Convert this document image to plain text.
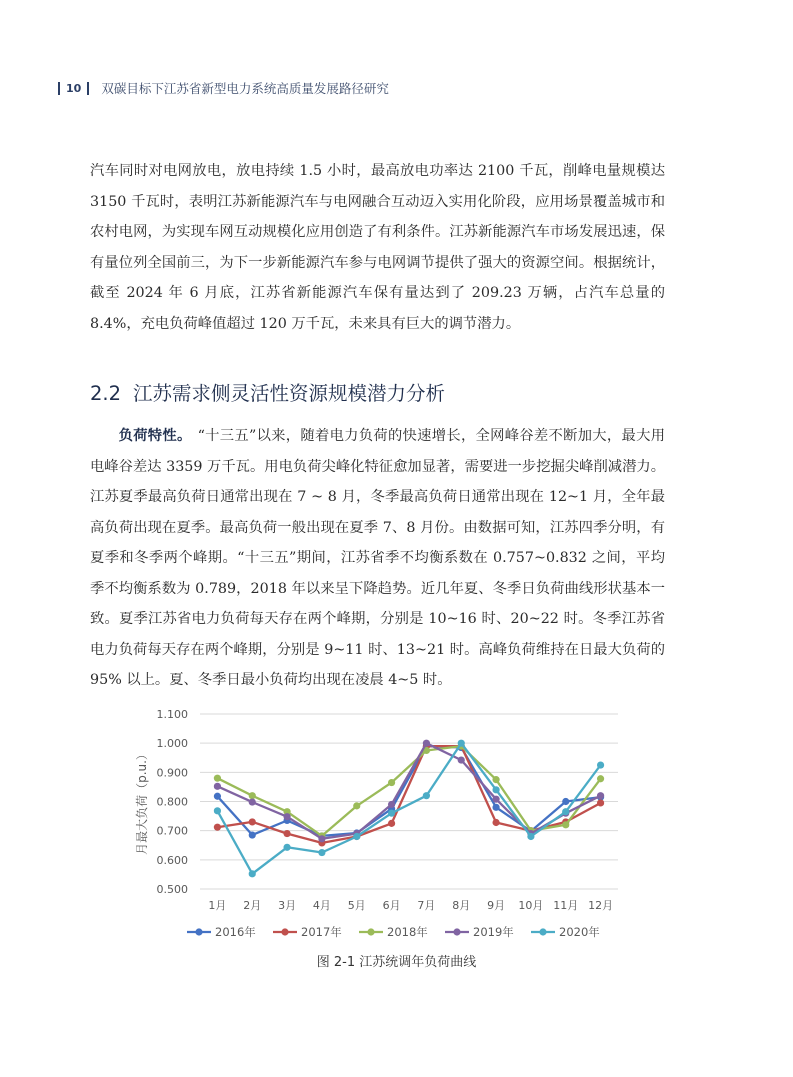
10 双碳目标下江苏省新型电力系统高质量发展路径研究

汽车同时对电网放电，放电持续 1.5 小时，最高放电功率达 2100 千瓦，削峰电量规模达 3150 千瓦时，表明江苏新能源汽车与电网融合互动迈入实用化阶段，应用场景覆盖城市和农村电网，为实现车网互动规模化应用创造了有利条件。江苏新能源汽车市场发展迅速，保有量位列全国前三，为下一步新能源汽车参与电网调节提供了强大的资源空间。根据统计，截至 2024 年 6 月底，江苏省新能源汽车保有量达到了 209.23 万辆，占汽车总量的 8.4%，充电负荷峰值超过 120 万千瓦，未来具有巨大的调节潜力。

2.2 江苏需求侧灵活性资源规模潜力分析

负荷特性。 “十三五”以来，随着电力负荷的快速增长，全网峰谷差不断加大，最大用电峰谷差达 3359 万千瓦。用电负荷尖峰化特征愈加显著，需要进一步挖掘尖峰削减潜力。江苏夏季最高负荷日通常出现在 7 ~ 8 月，冬季最高负荷日通常出现在 12~1 月，全年最高负荷出现在夏季。最高负荷一般出现在夏季 7、8 月份。由数据可知，江苏四季分明，有夏季和冬季两个峰期。“十三五”期间，江苏省季不均衡系数在 0.757~0.832 之间，平均季不均衡系数为 0.789，2018 年以来呈下降趋势。近几年夏、冬季日负荷曲线形状基本一致。夏季江苏省电力负荷每天存在两个峰期，分别是 10~16 时、20~22 时。冬季江苏省电力负荷每天存在两个峰期，分别是 9~11 时、13~21 时。高峰负荷维持在日最大负荷的 95% 以上。夏、冬季日最小负荷均出现在凌晨 4~5 时。

0.500
0.600
0.700
0.800
0.900
1.000
1.100
1月 2月 3月 4月 5月 6月 7月 8月 9月 10月 11月 12月
月最大负荷（p.u.）
2016年	2017年	2018年	2019年	2020年
图 2-1 江苏统调年负荷曲线
